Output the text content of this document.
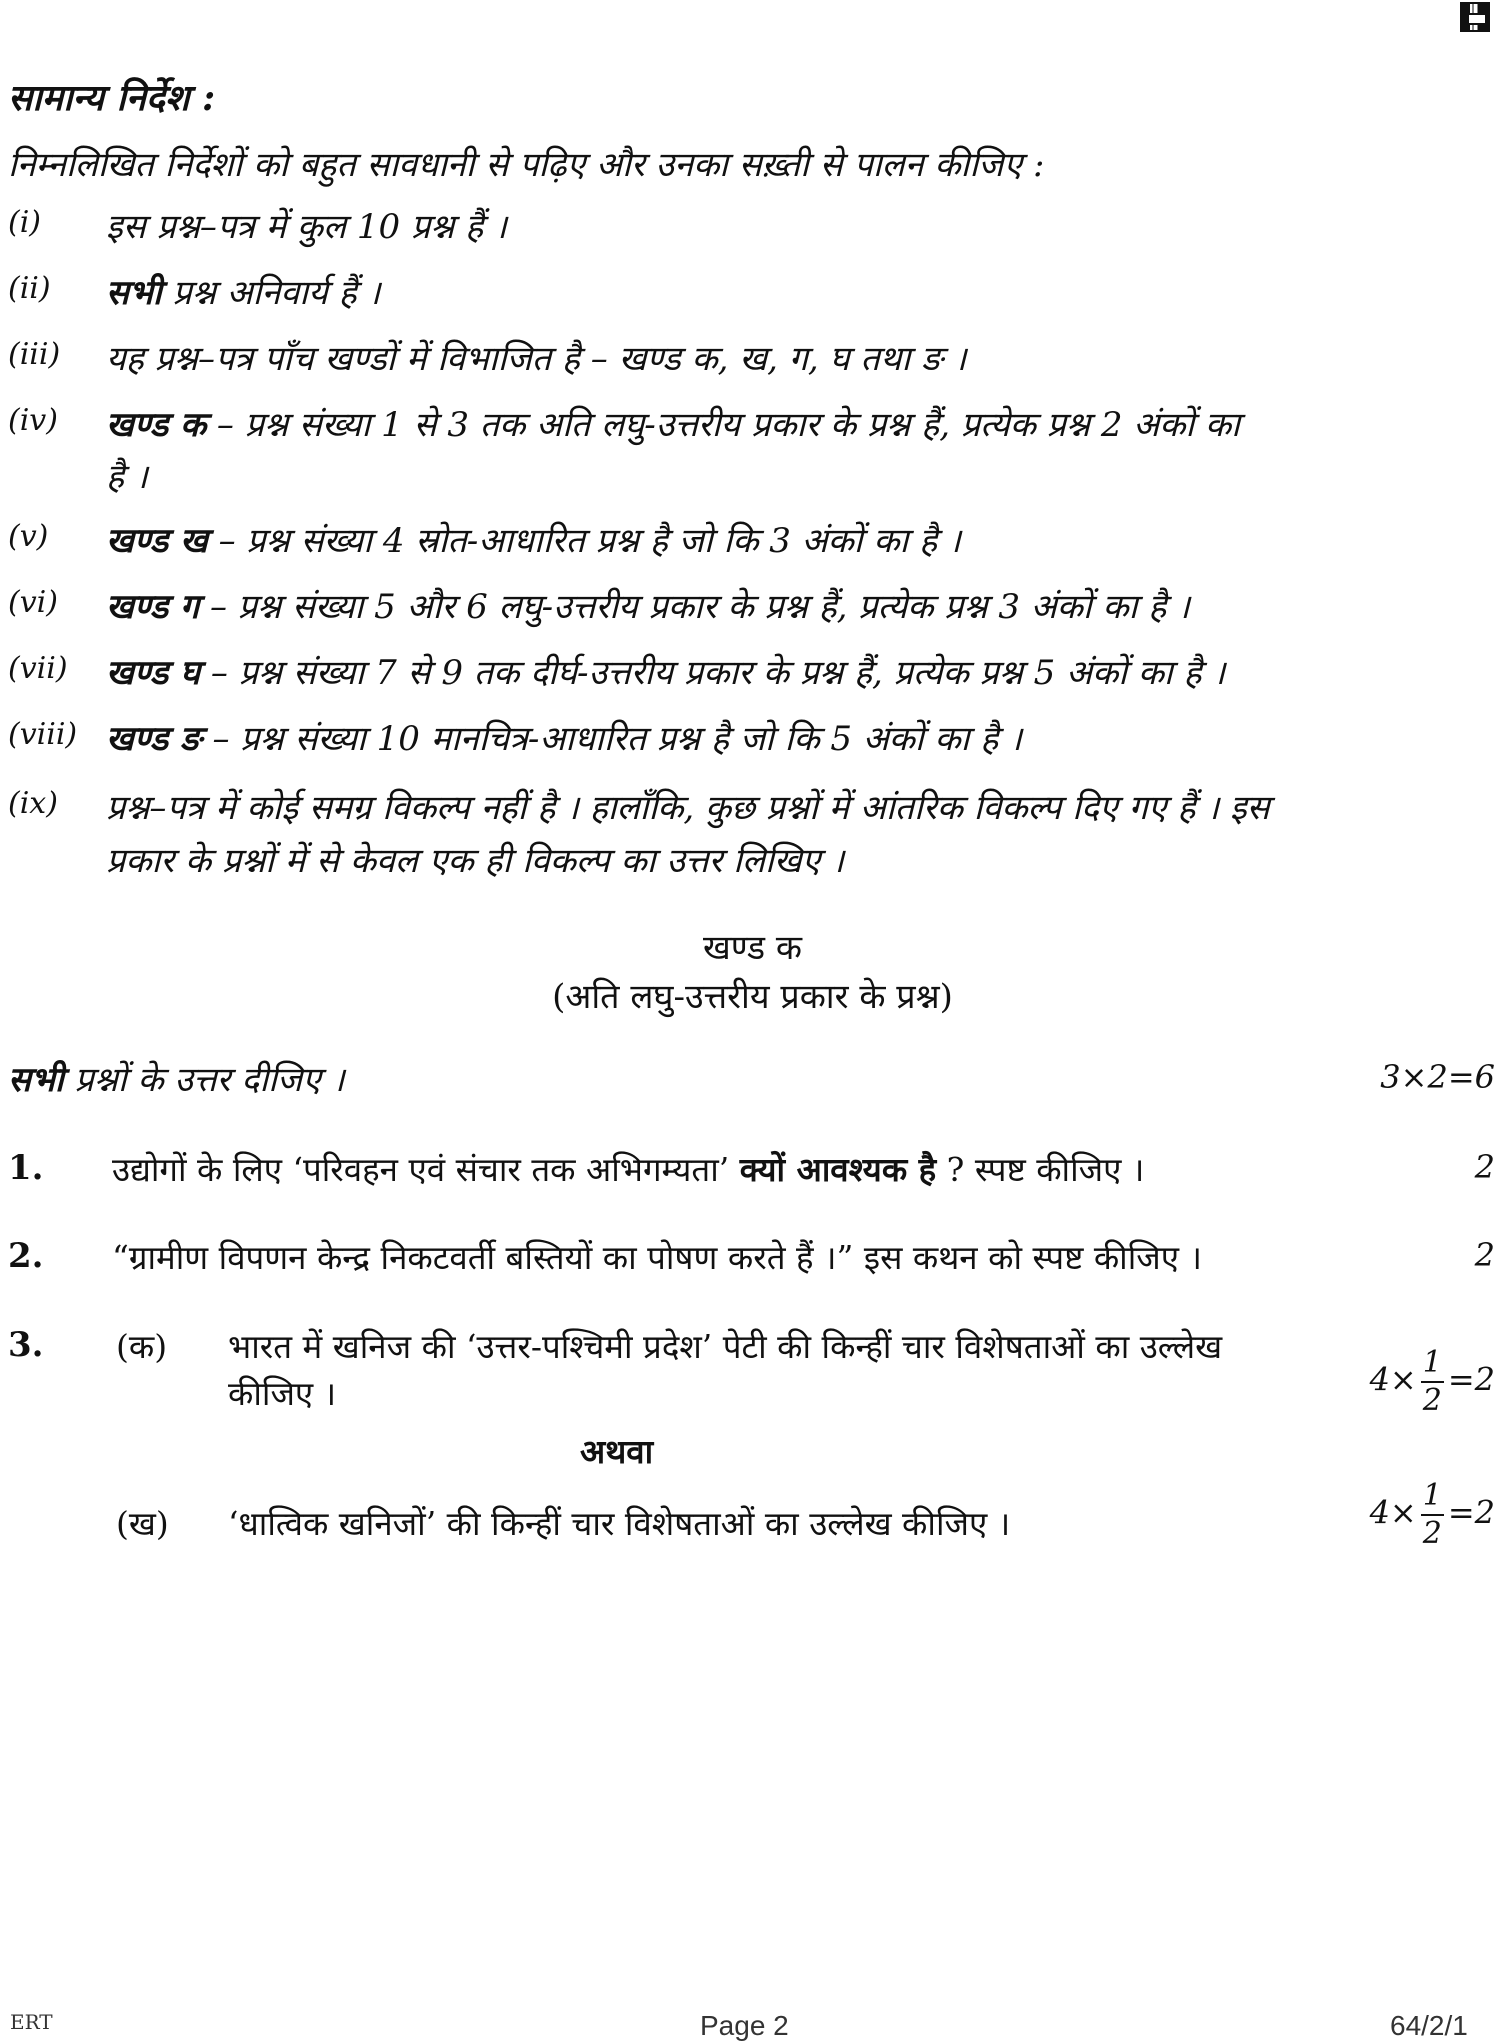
सामान्य निर्देश :
निम्नलिखित निर्देशों को बहुत सावधानी से पढ़िए और उनका सख़्ती से पालन कीजिए :
(i) इस प्रश्न–पत्र में कुल 10 प्रश्न हैं ।
(ii) सभी प्रश्न अनिवार्य हैं ।
(iii) यह प्रश्न–पत्र पाँच खण्डों में विभाजित है – खण्ड क, ख, ग, घ तथा ङ ।
(iv) खण्ड क – प्रश्न संख्या 1 से 3 तक अति लघु-उत्तरीय प्रकार के प्रश्न हैं, प्रत्येक प्रश्न 2 अंकों का
है ।
(v) खण्ड ख – प्रश्न संख्या 4 स्रोत-आधारित प्रश्न है जो कि 3 अंकों का है ।
(vi) खण्ड ग – प्रश्न संख्या 5 और 6 लघु-उत्तरीय प्रकार के प्रश्न हैं, प्रत्येक प्रश्न 3 अंकों का है ।
(vii) खण्ड घ – प्रश्न संख्या 7 से 9 तक दीर्घ-उत्तरीय प्रकार के प्रश्न हैं, प्रत्येक प्रश्न 5 अंकों का है ।
(viii) खण्ड ङ – प्रश्न संख्या 10 मानचित्र-आधारित प्रश्न है जो कि 5 अंकों का है ।
(ix) प्रश्न–पत्र में कोई समग्र विकल्प नहीं है । हालाँकि, कुछ प्रश्नों में आंतरिक विकल्प दिए गए हैं । इस
प्रकार के प्रश्नों में से केवल एक ही विकल्प का उत्तर लिखिए ।
खण्ड क
(अति लघु-उत्तरीय प्रकार के प्रश्न)
सभी प्रश्नों के उत्तर दीजिए ।	3×2=6
1. उद्योगों के लिए ‘परिवहन एवं संचार तक अभिगम्यता’ क्यों आवश्यक है ? स्पष्ट कीजिए ।	2
2. “ग्रामीण विपणन केन्द्र निकटवर्ती बस्तियों का पोषण करते हैं ।” इस कथन को स्पष्ट कीजिए ।	2
3. (क) भारत में खनिज की ‘उत्तर-पश्चिमी प्रदेश’ पेटी की किन्हीं चार विशेषताओं का उल्लेख
कीजिए ।	$4\times \frac{1}{2} =2$
अथवा
(ख) ‘धात्विक खनिजों’ की किन्हीं चार विशेषताओं का उल्लेख कीजिए ।	$4\times \frac{1}{2} =2$
ERT	Page 2	64/2/1
